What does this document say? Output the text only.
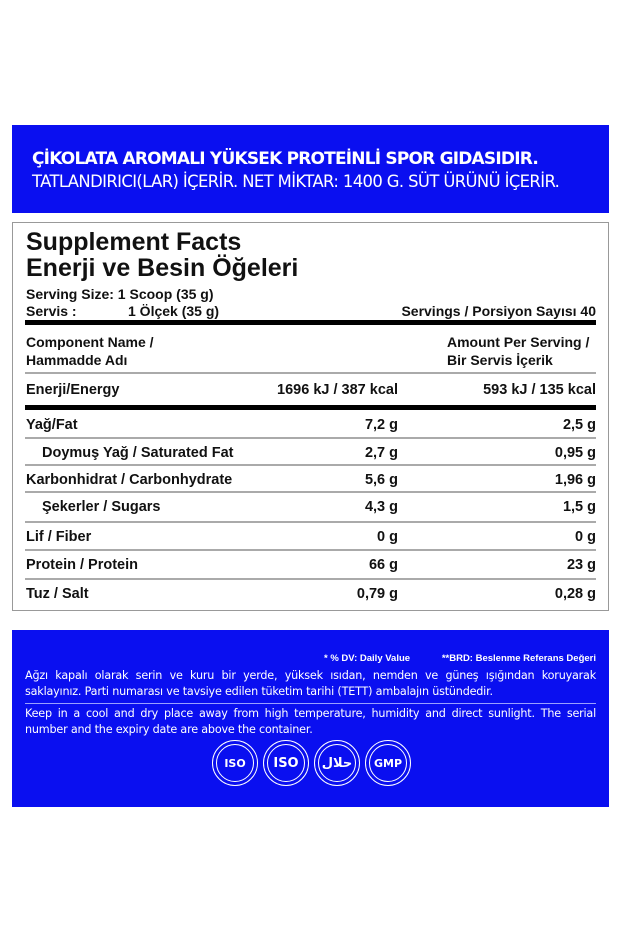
ÇİKOLATA AROMALI YÜKSEK PROTEİNLİ SPOR GIDASIDIR.
TATLANDIRICI(LAR) İÇERİR. NET MİKTAR: 1400 G. SÜT ÜRÜNÜ İÇERİR.
Supplement Facts
Enerji ve Besin Öğeleri
Serving Size: 1 Scoop (35 g)
Servis :	1 Ölçek (35 g)	Servings / Porsiyon Sayısı 40
Component Name /
Hammadde Adı
Amount Per Serving /
Bir Servis İçerik
Enerji/Energy	1696 kJ / 387 kcal	593 kJ / 135 kcal
Yağ/Fat	7,2 g	2,5 g
Doymuş Yağ / Saturated Fat	2,7 g	0,95 g
Karbonhidrat / Carbonhydrate	5,6 g	1,96 g
Şekerler / Sugars	4,3 g	1,5 g
Lif / Fiber	0 g	0 g
Protein / Protein	66 g	23 g
Tuz / Salt	0,79 g	0,28 g
* % DV: Daily Value	**BRD: Beslenme Referans Değeri
Ağzı kapalı olarak serin ve kuru bir yerde, yüksek ısıdan, nemden ve güneş ışığından koruyarak saklayınız. Parti numarası ve tavsiye edilen tüketim tarihi (TETT) ambalajın üstündedir.
Keep in a cool and dry place away from high temperature, humidity and direct sunlight. The serial number and the expiry date are above the container.
ISO ISO حلال GMP
